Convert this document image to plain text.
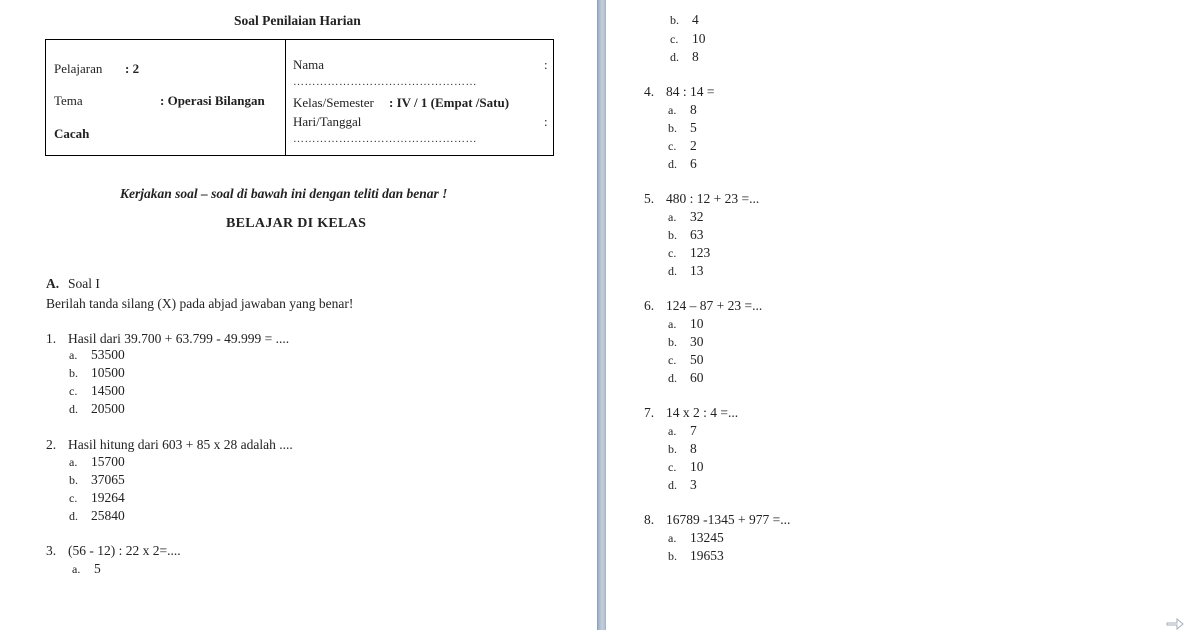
Soal Penilaian Harian
Pelajaran : 2
Tema	: Operasi Bilangan
Cacah
Nama	:
…………………………………………
Kelas/Semester : IV / 1 (Empat /Satu)
Hari/Tanggal	:
…………………………………………
Kerjakan soal – soal di bawah ini dengan teliti dan benar !
BELAJAR DI KELAS
A. Soal I
Berilah tanda silang (X) pada abjad jawaban yang benar!
1. Hasil dari 39.700 + 63.799 - 49.999 = ....
a. 53500
b. 10500
c. 14500
d. 20500
2. Hasil hitung dari 603 + 85 x 28 adalah ....
a. 15700
b. 37065
c. 19264
d. 25840
3. (56 - 12) : 22 x 2=....
a. 5
b. 4
c. 10
d. 8
4. 84 : 14 =
a. 8
b. 5
c. 2
d. 6
5. 480 : 12 + 23 =...
a. 32
b. 63
c. 123
d. 13
6. 124 – 87 + 23 =...
a. 10
b. 30
c. 50
d. 60
7. 14 x 2 : 4 =...
a. 7
b. 8
c. 10
d. 3
8. 16789 -1345 + 977 =...
a. 13245
b. 19653
